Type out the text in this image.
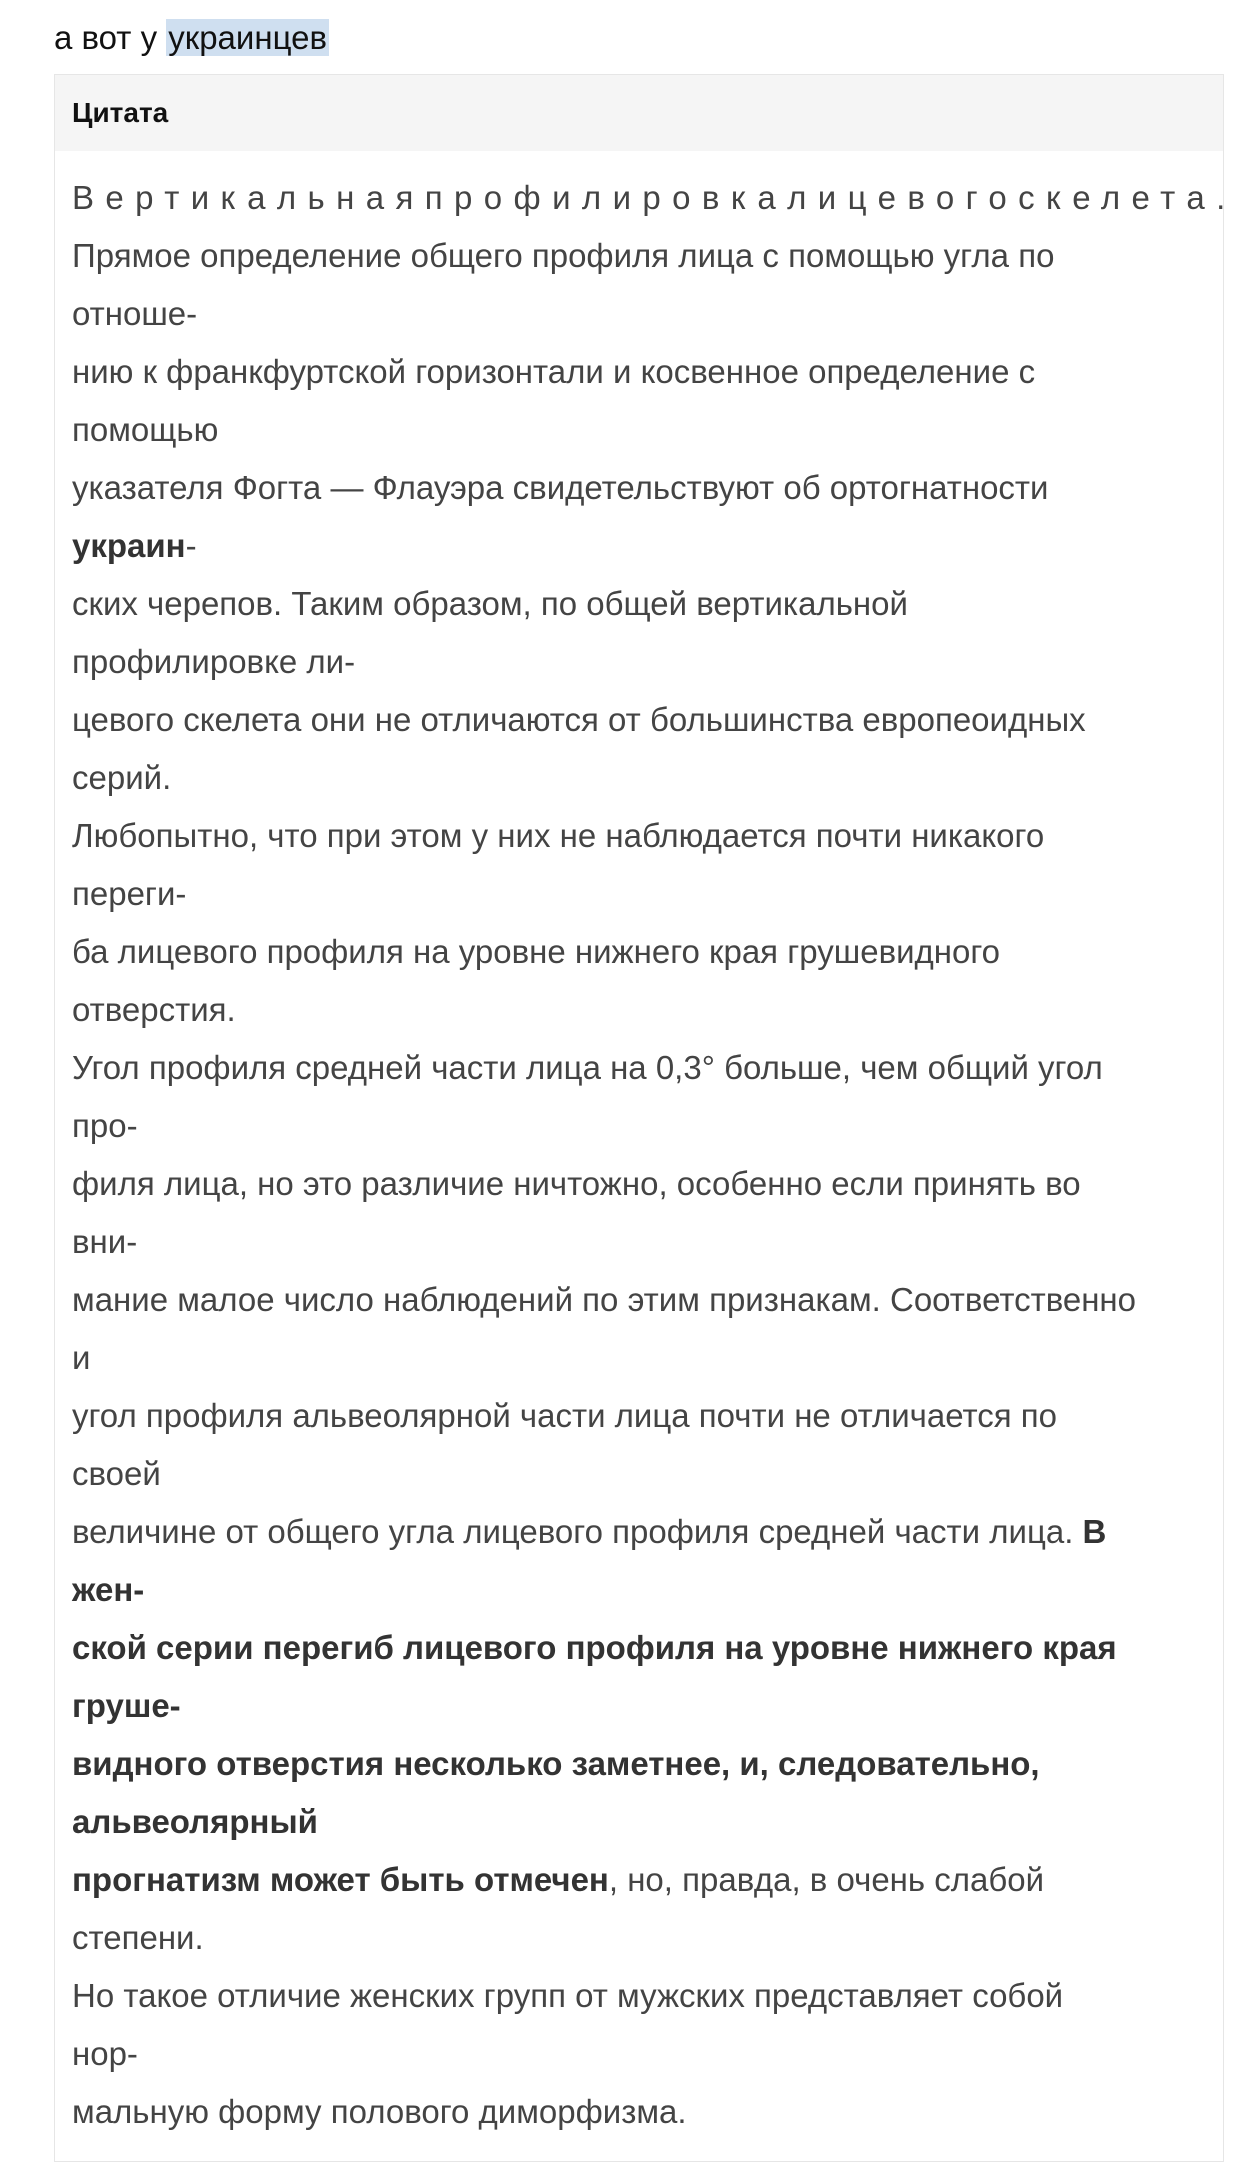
а вот у украинцев
Цитата
Вертикальнаяпрофилировкалицевогоскелета.
Прямое определение общего профиля лица с помощью угла по
отноше-
нию к франкфуртской горизонтали и косвенное определение с
помощью
указателя Фогта — Флауэра свидетельствуют об ортогнатности
украин-
ских черепов. Таким образом, по общей вертикальной
профилировке ли-
цевого скелета они не отличаются от большинства европеоидных
серий.
Любопытно, что при этом у них не наблюдается почти никакого
переги-
ба лицевого профиля на уровне нижнего края грушевидного
отверстия.
Угол профиля средней части лица на 0,3° больше, чем общий угол
про-
филя лица, но это различие ничтожно, особенно если принять во
вни-
мание малое число наблюдений по этим признакам. Соответственно
и
угол профиля альвеолярной части лица почти не отличается по
своей
величине от общего угла лицевого профиля средней части лица. В
жен-
ской серии перегиб лицевого профиля на уровне нижнего края
груше-
видного отверстия несколько заметнее, и, следовательно,
альвеолярный
прогнатизм может быть отмечен, но, правда, в очень слабой
степени.
Но такое отличие женских групп от мужских представляет собой
нор-
мальную форму полового диморфизма.
